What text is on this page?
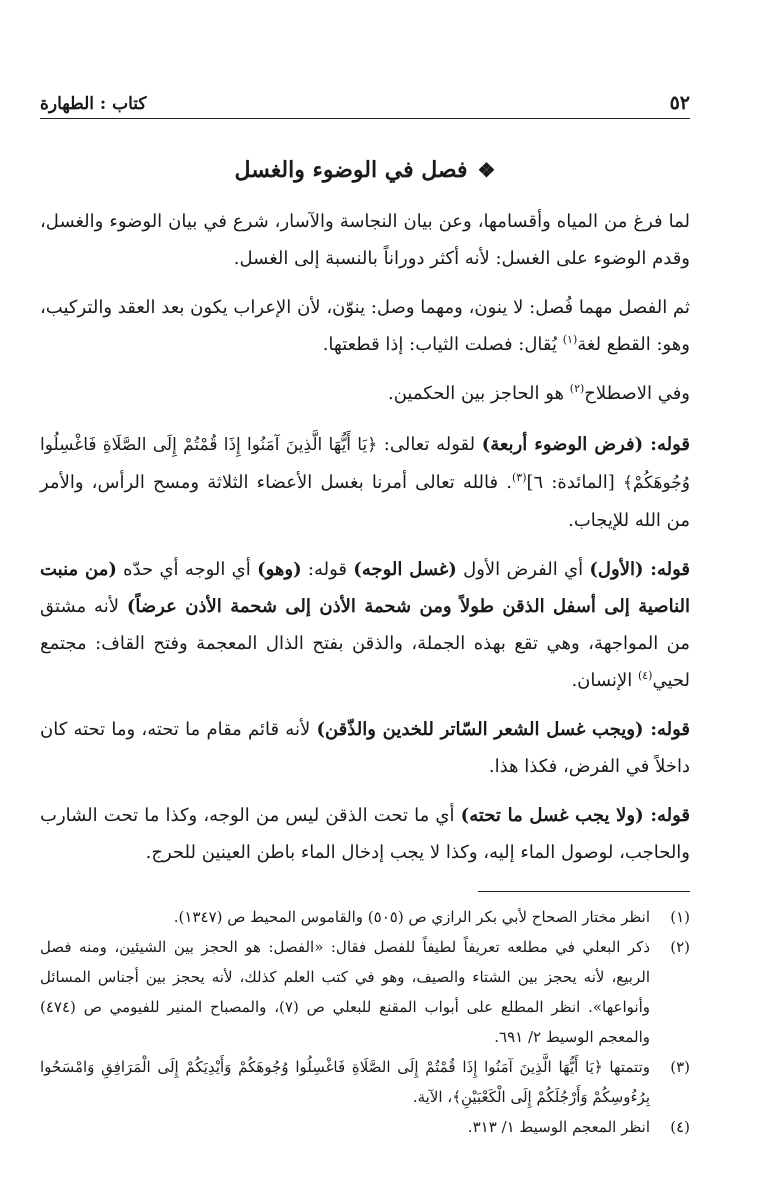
٥٢
كتاب : الطهارة
❖فصل في الوضوء والغسل

لما فرغ من المياه وأقسامها، وعن بيان النجاسة والآسار، شرع في بيان الوضوء والغسل، وقدم الوضوء على الغسل: لأنه أكثر دوراناً بالنسبة إلى الغسل.

ثم الفصل مهما فُصل: لا ينون، ومهما وصل: ينوّن، لأن الإعراب يكون بعد العقد والتركيب، وهو: القطع لغة$^{(١)}$ يُقال: فصلت الثياب: إذا قطعتها.

وفي الاصطلاح$^{(٢)}$ هو الحاجز بين الحكمين.

قوله: (فرض الوضوء أربعة) لقوله تعالى: ﴿يَا أَيُّهَا الَّذِينَ آمَنُوا إِذَا قُمْتُمْ إِلَى الصَّلَاةِ فَاغْسِلُوا وُجُوهَكُمْ﴾ [المائدة: ٦]$^{(٣)}$. فالله تعالى أمرنا بغسل الأعضاء الثلاثة ومسح الرأس، والأمر من الله للإيجاب.

قوله: (الأول) أي الفرض الأول (غسل الوجه) قوله: (وهو) أي الوجه أي حدّه (من منبت الناصية إلى أسفل الذقن طولاً ومن شحمة الأذن إلى شحمة الأذن عرضاً) لأنه مشتق من المواجهة، وهي تقع بهذه الجملة، والذقن بفتح الذال المعجمة وفتح القاف: مجتمع لحيي$^{(٤)}$ الإنسان.

قوله: (ويجب غسل الشعر السّاتر للخدين والذّقن) لأنه قائم مقام ما تحته، وما تحته كان داخلاً في الفرض، فكذا هذا.

قوله: (ولا يجب غسل ما تحته) أي ما تحت الذقن ليس من الوجه، وكذا ما تحت الشارب والحاجب، لوصول الماء إليه، وكذا لا يجب إدخال الماء باطن العينين للحرج.

(١)
انظر مختار الصحاح لأبي بكر الرازي ص (٥٠٥) والقاموس المحيط ص (١٣٤٧).
(٢)
ذكر البعلي في مطلعه تعريفاً لطيفاً للفصل فقال: «الفصل: هو الحجز بين الشيئين، ومنه فصل الربيع، لأنه يحجز بين الشتاء والصيف، وهو في كتب العلم كذلك، لأنه يحجز بين أجناس المسائل وأنواعها». انظر المطلع على أبواب المقنع للبعلي ص (٧)، والمصباح المنير للفيومي ص (٤٧٤) والمعجم الوسيط ٢/ ٦٩١.
(٣)
وتتمتها ﴿يَا أَيُّهَا الَّذِينَ آمَنُوا إِذَا قُمْتُمْ إِلَى الصَّلَاةِ فَاغْسِلُوا وُجُوهَكُمْ وَأَيْدِيَكُمْ إِلَى الْمَرَافِقِ وَامْسَحُوا بِرُءُوسِكُمْ وَأَرْجُلَكُمْ إِلَى الْكَعْبَيْنِ﴾، الآية.
(٤)
انظر المعجم الوسيط ١/ ٣١٣.
